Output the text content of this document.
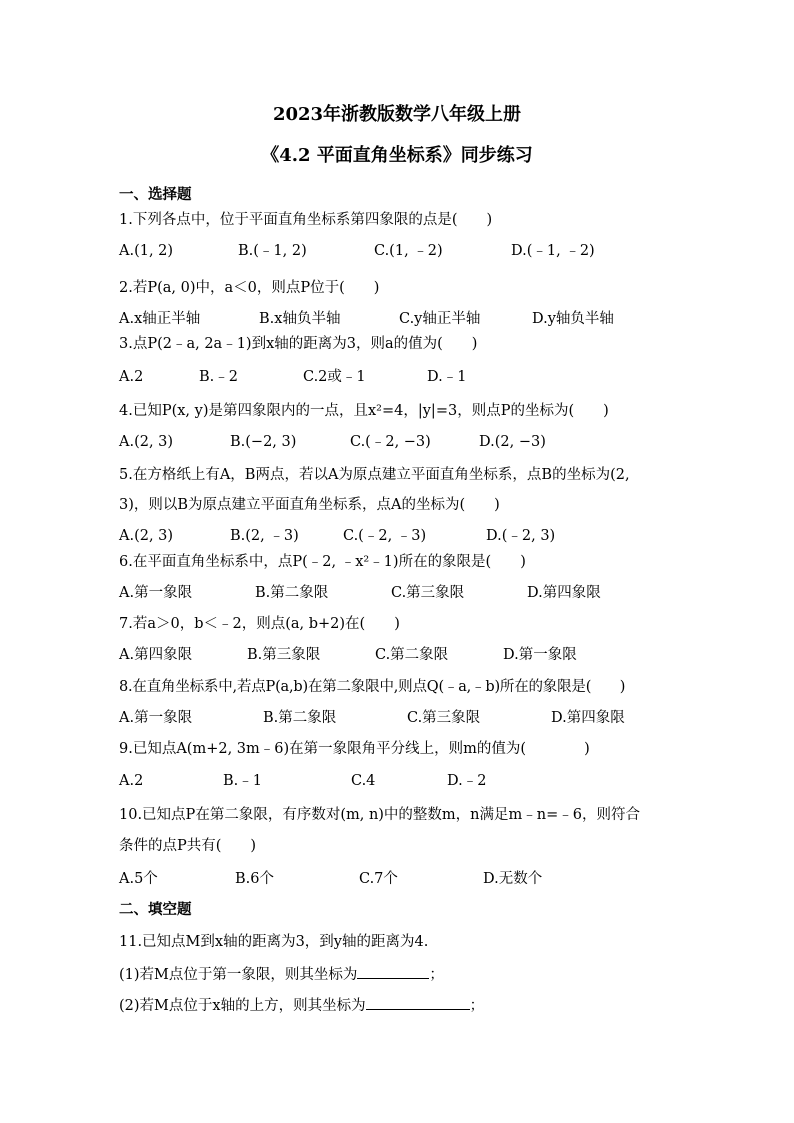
2023年浙教版数学八年级上册
《4.2 平面直角坐标系》同步练习
一、选择题
1.下列各点中，位于平面直角坐标系第四象限的点是(　　)
A.(1, 2)	B.(﹣1, 2)	C.(1, ﹣2)	D.(﹣1, ﹣2)
2.若P(a, 0)中，a＜0，则点P位于(　　)
A.x轴正半轴	B.x轴负半轴	C.y轴正半轴	D.y轴负半轴
3.点P(2﹣a, 2a﹣1)到x轴的距离为3，则a的值为(　　)
A.2	B.﹣2	C.2或﹣1	D.﹣1
4.已知P(x, y)是第四象限内的一点，且x²=4，|y|=3，则点P的坐标为(　　)
A.(2, 3)	B.(−2, 3)	C.(﹣2, −3)	D.(2, −3)
5.在方格纸上有A，B两点，若以A为原点建立平面直角坐标系，点B的坐标为(2,
3)，则以B为原点建立平面直角坐标系，点A的坐标为(　　)
A.(2, 3)	B.(2, ﹣3)	C.(﹣2, ﹣3)	D.(﹣2, 3)
6.在平面直角坐标系中，点P(﹣2, ﹣x²﹣1)所在的象限是(　　)
A.第一象限	B.第二象限	C.第三象限	D.第四象限
7.若a＞0，b＜﹣2，则点(a, b+2)在(　　)
A.第四象限	B.第三象限	C.第二象限	D.第一象限
8.在直角坐标系中,若点P(a,b)在第二象限中,则点Q(﹣a,﹣b)所在的象限是(　　)
A.第一象限	B.第二象限	C.第三象限	D.第四象限
9.已知点A(m+2, 3m﹣6)在第一象限角平分线上，则m的值为(　　　　)
A.2	B.﹣1	C.4	D.﹣2
10.已知点P在第二象限，有序数对(m, n)中的整数m，n满足m﹣n=﹣6，则符合
条件的点P共有(　　)
A.5个	B.6个	C.7个	D.无数个
二、填空题
11.已知点M到x轴的距离为3，到y轴的距离为4.
(1)若M点位于第一象限，则其坐标为	；
(2)若M点位于x轴的上方，则其坐标为	；
